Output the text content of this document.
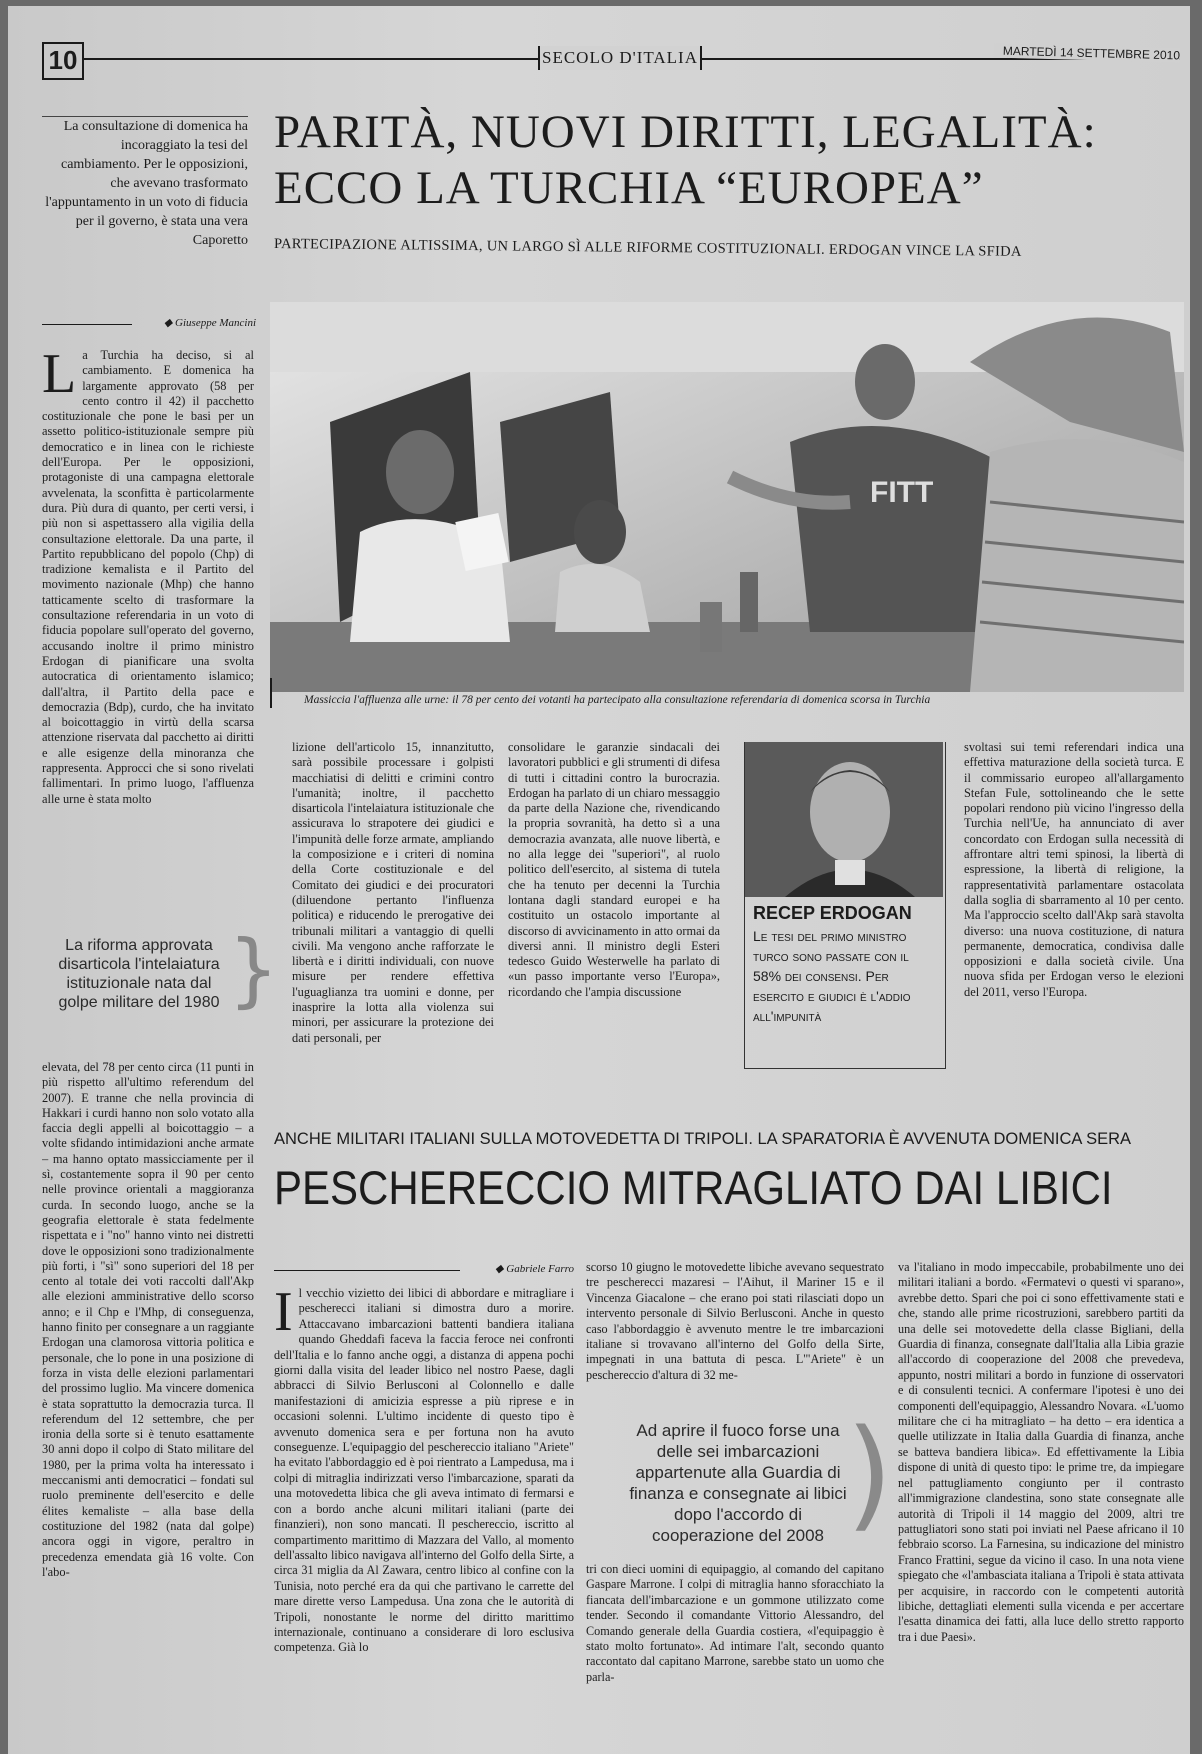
10	SECOLO D'ITALIA	MARTEDÌ 14 SETTEMBRE 2010
La consultazione di domenica ha incoraggiato la tesi del cambiamento. Per le opposizioni, che avevano trasformato l'appuntamento in un voto di fiducia per il governo, è stata una vera Caporetto
PARITÀ, NUOVI DIRITTI, LEGALITÀ:
ECCO LA TURCHIA “EUROPEA”
PARTECIPAZIONE ALTISSIMA, UN LARGO SÌ ALLE RIFORME COSTITUZIONALI. ERDOGAN VINCE LA SFIDA
◆ Giuseppe Mancini
FITT
Massiccia l'affluenza alle urne: il 78 per cento dei votanti ha partecipato alla consultazione referendaria di domenica scorsa in Turchia
La Turchia ha deciso, si al cambiamento. E domenica ha largamente approvato (58 per cento contro il 42) il pacchetto costituzionale che pone le basi per un assetto politico-istituzionale sempre più democratico e in linea con le richieste dell'Europa. Per le opposizioni, protagoniste di una campagna elettorale avvelenata, la sconfitta è particolarmente dura. Più dura di quanto, per certi versi, i più non si aspettassero alla vigilia della consultazione elettorale. Da una parte, il Partito repubblicano del popolo (Chp) di tradizione kemalista e il Partito del movimento nazionale (Mhp) che hanno tatticamente scelto di trasformare la consultazione referendaria in un voto di fiducia popolare sull'operato del governo, accusando inoltre il primo ministro Erdogan di pianificare una svolta autocratica di orientamento islamico; dall'altra, il Partito della pace e democrazia (Bdp), curdo, che ha invitato al boicottaggio in virtù della scarsa attenzione riservata dal pacchetto ai diritti e alle esigenze della minoranza che rappresenta. Approcci che si sono rivelati fallimentari. In primo luogo, l'affluenza alle urne è stata molto
La riforma approvata disarticola l'intelaiatura istituzionale nata dal golpe militare del 1980 }
elevata, del 78 per cento circa (11 punti in più rispetto all'ultimo referendum del 2007). E tranne che nella provincia di Hakkari i curdi hanno non solo votato alla faccia degli appelli al boicottaggio – a volte sfidando intimidazioni anche armate – ma hanno optato massicciamente per il sì, costantemente sopra il 90 per cento nelle province orientali a maggioranza curda. In secondo luogo, anche se la geografia elettorale è stata fedelmente rispettata e i "no" hanno vinto nei distretti dove le opposizioni sono tradizionalmente più forti, i "sì" sono superiori del 18 per cento al totale dei voti raccolti dall'Akp alle elezioni amministrative dello scorso anno; e il Chp e l'Mhp, di conseguenza, hanno finito per consegnare a un raggiante Erdogan una clamorosa vittoria politica e personale, che lo pone in una posizione di forza in vista delle elezioni parlamentari del prossimo luglio. Ma vincere domenica è stata soprattutto la democrazia turca. Il referendum del 12 settembre, che per ironia della sorte si è tenuto esattamente 30 anni dopo il colpo di Stato militare del 1980, per la prima volta ha interessato i meccanismi anti democratici – fondati sul ruolo preminente dell'esercito e delle élites kemaliste – alla base della costituzione del 1982 (nata dal golpe) ancora oggi in vigore, peraltro in precedenza emendata già 16 volte. Con l'abo-
lizione dell'articolo 15, innanzitutto, sarà possibile processare i golpisti macchiatisi di delitti e crimini contro l'umanità; inoltre, il pacchetto disarticola l'intelaiatura istituzionale che assicurava lo strapotere dei giudici e l'impunità delle forze armate, ampliando la composizione e i criteri di nomina della Corte costituzionale e del Comitato dei giudici e dei procuratori (diluendone pertanto l'influenza politica) e riducendo le prerogative dei tribunali militari a vantaggio di quelli civili. Ma vengono anche rafforzate le libertà e i diritti individuali, con nuove misure per rendere effettiva l'uguaglianza tra uomini e donne, per inasprire la lotta alla violenza sui minori, per assicurare la protezione dei dati personali, per
consolidare le garanzie sindacali dei lavoratori pubblici e gli strumenti di difesa di tutti i cittadini contro la burocrazia. Erdogan ha parlato di un chiaro messaggio da parte della Nazione che, rivendicando la propria sovranità, ha detto sì a una democrazia avanzata, alle nuove libertà, e no alla legge dei "superiori", al ruolo politico dell'esercito, al sistema di tutela che ha tenuto per decenni la Turchia lontana dagli standard europei e ha costituito un ostacolo importante al discorso di avvicinamento in atto ormai da diversi anni. Il ministro degli Esteri tedesco Guido Westerwelle ha parlato di «un passo importante verso l'Europa», ricordando che l'ampia discussione
RECEP ERDOGAN
Le tesi del primo ministro turco sono passate con il 58% dei consensi. Per esercito e giudici è l'addio all'impunità
svoltasi sui temi referendari indica una effettiva maturazione della società turca. E il commissario europeo all'allargamento Stefan Fule, sottolineando che le sette popolari rendono più vicino l'ingresso della Turchia nell'Ue, ha annunciato di aver concordato con Erdogan sulla necessità di affrontare altri temi spinosi, la libertà di espressione, la libertà di religione, la rappresentatività parlamentare ostacolata dalla soglia di sbarramento al 10 per cento. Ma l'approccio scelto dall'Akp sarà stavolta diverso: una nuova costituzione, di natura permanente, democratica, condivisa dalle opposizioni e dalla società civile. Una nuova sfida per Erdogan verso le elezioni del 2011, verso l'Europa.
ANCHE MILITARI ITALIANI SULLA MOTOVEDETTA DI TRIPOLI. LA SPARATORIA È AVVENUTA DOMENICA SERA
PESCHERECCIO MITRAGLIATO DAI LIBICI
◆ Gabriele Farro
Il vecchio vizietto dei libici di abbordare e mitragliare i pescherecci italiani si dimostra duro a morire. Attaccavano imbarcazioni battenti bandiera italiana quando Gheddafi faceva la faccia feroce nei confronti dell'Italia e lo fanno anche oggi, a distanza di appena pochi giorni dalla visita del leader libico nel nostro Paese, dagli abbracci di Silvio Berlusconi al Colonnello e dalle manifestazioni di amicizia espresse a più riprese e in occasioni solenni. L'ultimo incidente di questo tipo è avvenuto domenica sera e per fortuna non ha avuto conseguenze. L'equipaggio del peschereccio italiano "Ariete" ha evitato l'abbordaggio ed è poi rientrato a Lampedusa, ma i colpi di mitraglia indirizzati verso l'imbarcazione, sparati da una motovedetta libica che gli aveva intimato di fermarsi e con a bordo anche alcuni militari italiani (parte dei finanzieri), non sono mancati. Il peschereccio, iscritto al compartimento marittimo di Mazzara del Vallo, al momento dell'assalto libico navigava all'interno del Golfo della Sirte, a circa 31 miglia da Al Zawara, centro libico al confine con la Tunisia, noto perché era da qui che partivano le carrette del mare dirette verso Lampedusa. Una zona che le autorità di Tripoli, nonostante le norme del diritto marittimo internazionale, continuano a considerare di loro esclusiva competenza. Già lo
scorso 10 giugno le motovedette libiche avevano sequestrato tre pescherecci mazaresi – l'Aihut, il Mariner 15 e il Vincenza Giacalone – che erano poi stati rilasciati dopo un intervento personale di Silvio Berlusconi. Anche in questo caso l'abbordaggio è avvenuto mentre le tre imbarcazioni italiane si trovavano all'interno del Golfo della Sirte, impegnati in una battuta di pesca. L'"Ariete" è un peschereccio d'altura di 32 me-
Ad aprire il fuoco forse una delle sei imbarcazioni appartenute alla Guardia di finanza e consegnate ai libici dopo l'accordo di cooperazione del 2008 )
tri con dieci uomini di equipaggio, al comando del capitano Gaspare Marrone. I colpi di mitraglia hanno sforacchiato la fiancata dell'imbarcazione e un gommone utilizzato come tender. Secondo il comandante Vittorio Alessandro, del Comando generale della Guardia costiera, «l'equipaggio è stato molto fortunato». Ad intimare l'alt, secondo quanto raccontato dal capitano Marrone, sarebbe stato un uomo che parla-
va l'italiano in modo impeccabile, probabilmente uno dei militari italiani a bordo. «Fermatevi o questi vi sparano», avrebbe detto. Spari che poi ci sono effettivamente stati e che, stando alle prime ricostruzioni, sarebbero partiti da una delle sei motovedette della classe Bigliani, della Guardia di finanza, consegnate dall'Italia alla Libia grazie all'accordo di cooperazione del 2008 che prevedeva, appunto, nostri militari a bordo in funzione di osservatori e di consulenti tecnici. A confermare l'ipotesi è uno dei componenti dell'equipaggio, Alessandro Novara. «L'uomo militare che ci ha mitragliato – ha detto – era identica a quelle utilizzate in Italia dalla Guardia di finanza, anche se batteva bandiera libica». Ed effettivamente la Libia dispone di unità di questo tipo: le prime tre, da impiegare nel pattugliamento congiunto per il contrasto all'immigrazione clandestina, sono state consegnate alle autorità di Tripoli il 14 maggio del 2009, altri tre pattugliatori sono stati poi inviati nel Paese africano il 10 febbraio scorso. La Farnesina, su indicazione del ministro Franco Frattini, segue da vicino il caso. In una nota viene spiegato che «l'ambasciata italiana a Tripoli è stata attivata per acquisire, in raccordo con le competenti autorità libiche, dettagliati elementi sulla vicenda e per accertare l'esatta dinamica dei fatti, alla luce dello stretto rapporto tra i due Paesi».
